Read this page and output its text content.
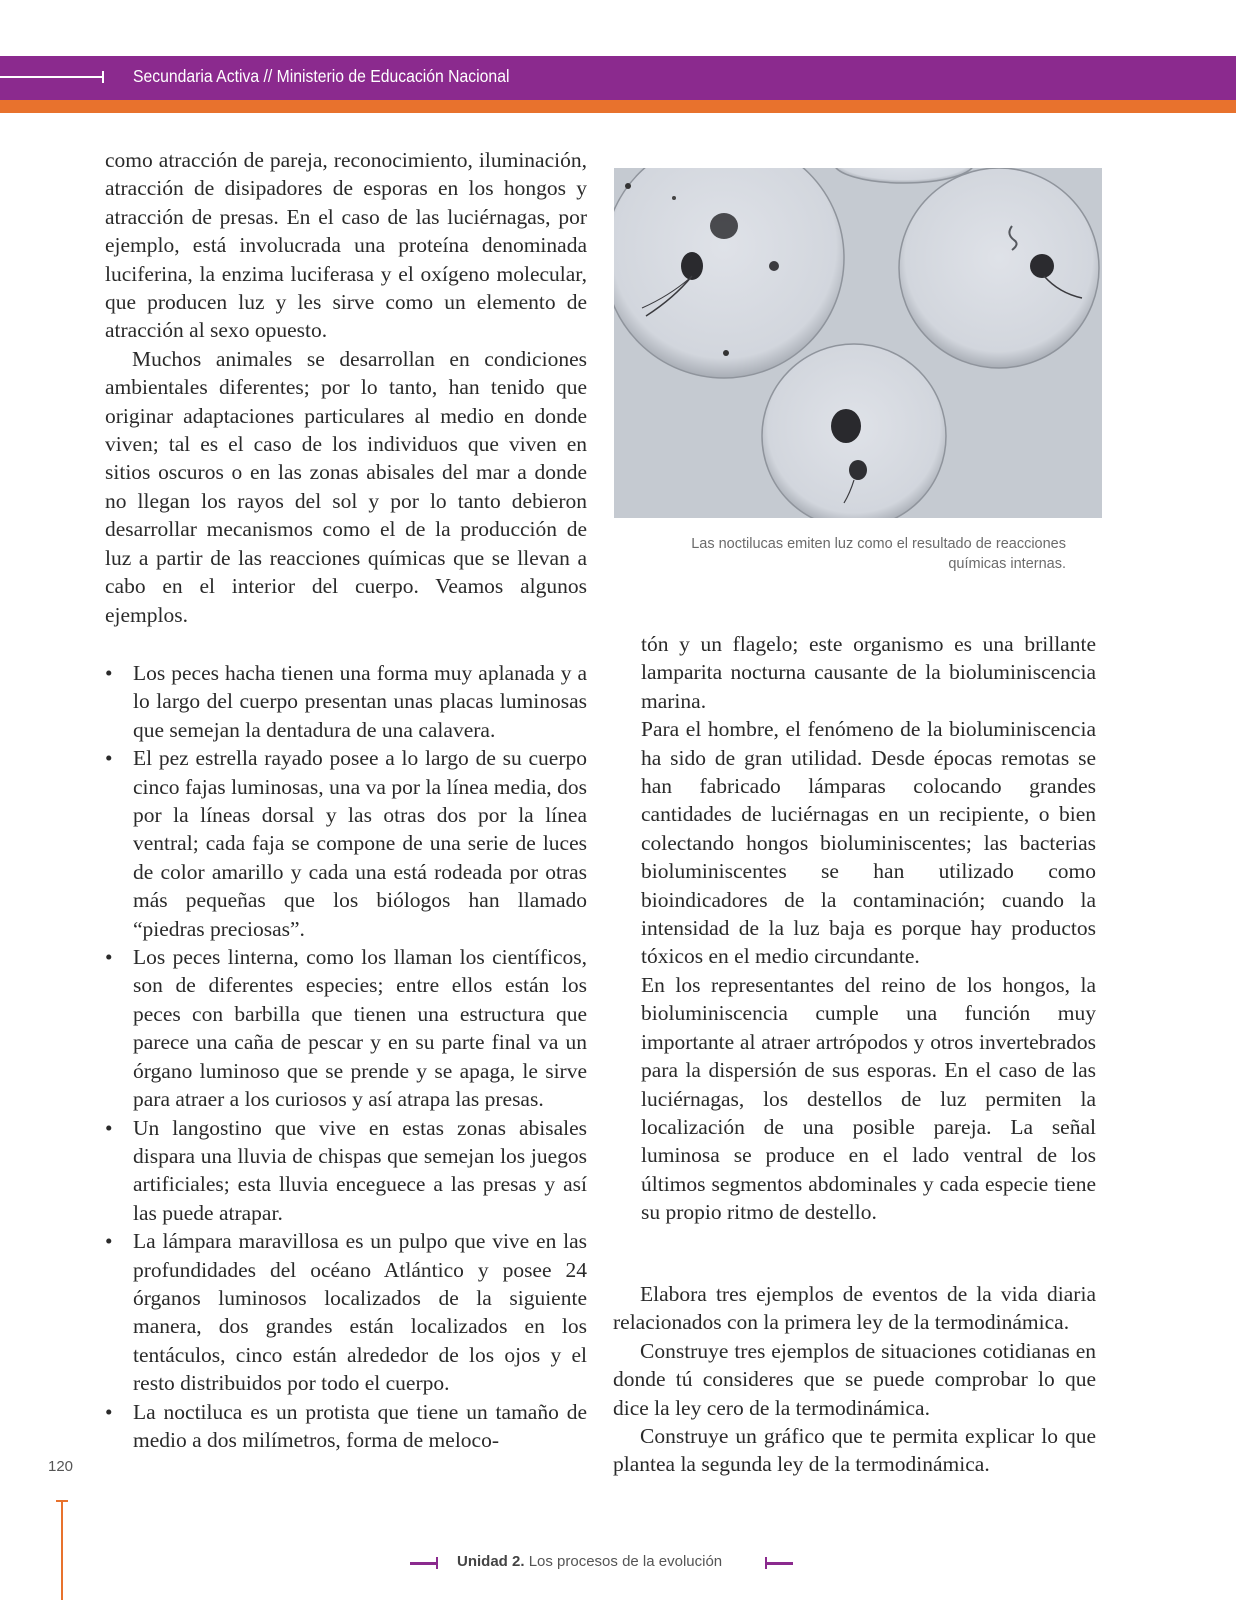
Secundaria Activa // Ministerio de Educación Nacional

como atracción de pareja, reconocimiento, iluminación, atracción de disipadores de esporas en los hongos y atracción de presas. En el caso de las luciérnagas, por ejemplo, está involucrada una proteína denominada luciferina, la enzima luciferasa y el oxígeno molecular, que producen luz y les sirve como un elemento de atracción al sexo opuesto.

Muchos animales se desarrollan en condiciones ambientales diferentes; por lo tanto, han tenido que originar adaptaciones particulares al medio en donde viven; tal es el caso de los individuos que viven en sitios oscuros o en las zonas abisales del mar a donde no llegan los rayos del sol y por lo tanto debieron desarrollar mecanismos como el de la producción de luz a partir de las reacciones químicas que se llevan a cabo en el interior del cuerpo. Veamos algunos ejemplos.

• Los peces hacha tienen una forma muy aplanada y a lo largo del cuerpo presentan unas placas luminosas que semejan la dentadura de una calavera.
• El pez estrella rayado posee a lo largo de su cuerpo cinco fajas luminosas, una va por la línea media, dos por la líneas dorsal y las otras dos por la línea ventral; cada faja se compone de una serie de luces de color amarillo y cada una está rodeada por otras más pequeñas que los biólogos han llamado “piedras preciosas”.
• Los peces linterna, como los llaman los científicos, son de diferentes especies; entre ellos están los peces con barbilla que tienen una estructura que parece una caña de pescar y en su parte final va un órgano luminoso que se prende y se apaga, le sirve para atraer a los curiosos y así atrapa las presas.
• Un langostino que vive en estas zonas abisales dispara una lluvia de chispas que semejan los juegos artificiales; esta lluvia enceguece a las presas y así las puede atrapar.
• La lámpara maravillosa es un pulpo que vive en las profundidades del océano Atlántico y posee 24 órganos luminosos localizados de la siguiente manera, dos grandes están localizados en los tentáculos, cinco están alrededor de los ojos y el resto distribuidos por todo el cuerpo.
• La noctiluca es un protista que tiene un tamaño de medio a dos milímetros, forma de meloco-
Las noctilucas emiten luz como el resultado de reacciones
químicas internas.

tón y un flagelo; este organismo es una brillante lamparita nocturna causante de la bioluminiscencia marina.

Para el hombre, el fenómeno de la bioluminiscencia ha sido de gran utilidad. Desde épocas remotas se han fabricado lámparas colocando grandes cantidades de luciérnagas en un recipiente, o bien colectando hongos bioluminiscentes; las bacterias bioluminiscentes se han utilizado como bioindicadores de la contaminación; cuando la intensidad de la luz baja es porque hay productos tóxicos en el medio circundante.

En los representantes del reino de los hongos, la bioluminiscencia cumple una función muy importante al atraer artrópodos y otros invertebrados para la dispersión de sus esporas. En el caso de las luciérnagas, los destellos de luz permiten la localización de una posible pareja. La señal luminosa se produce en el lado ventral de los últimos segmentos abdominales y cada especie tiene su propio ritmo de destello.

Elabora tres ejemplos de eventos de la vida diaria relacionados con la primera ley de la termodinámica.

Construye tres ejemplos de situaciones cotidianas en donde tú consideres que se puede comprobar lo que dice la ley cero de la termodinámica.

Construye un gráfico que te permita explicar lo que plantea la segunda ley de la termodinámica.

120
Unidad 2. Los procesos de la evolución
